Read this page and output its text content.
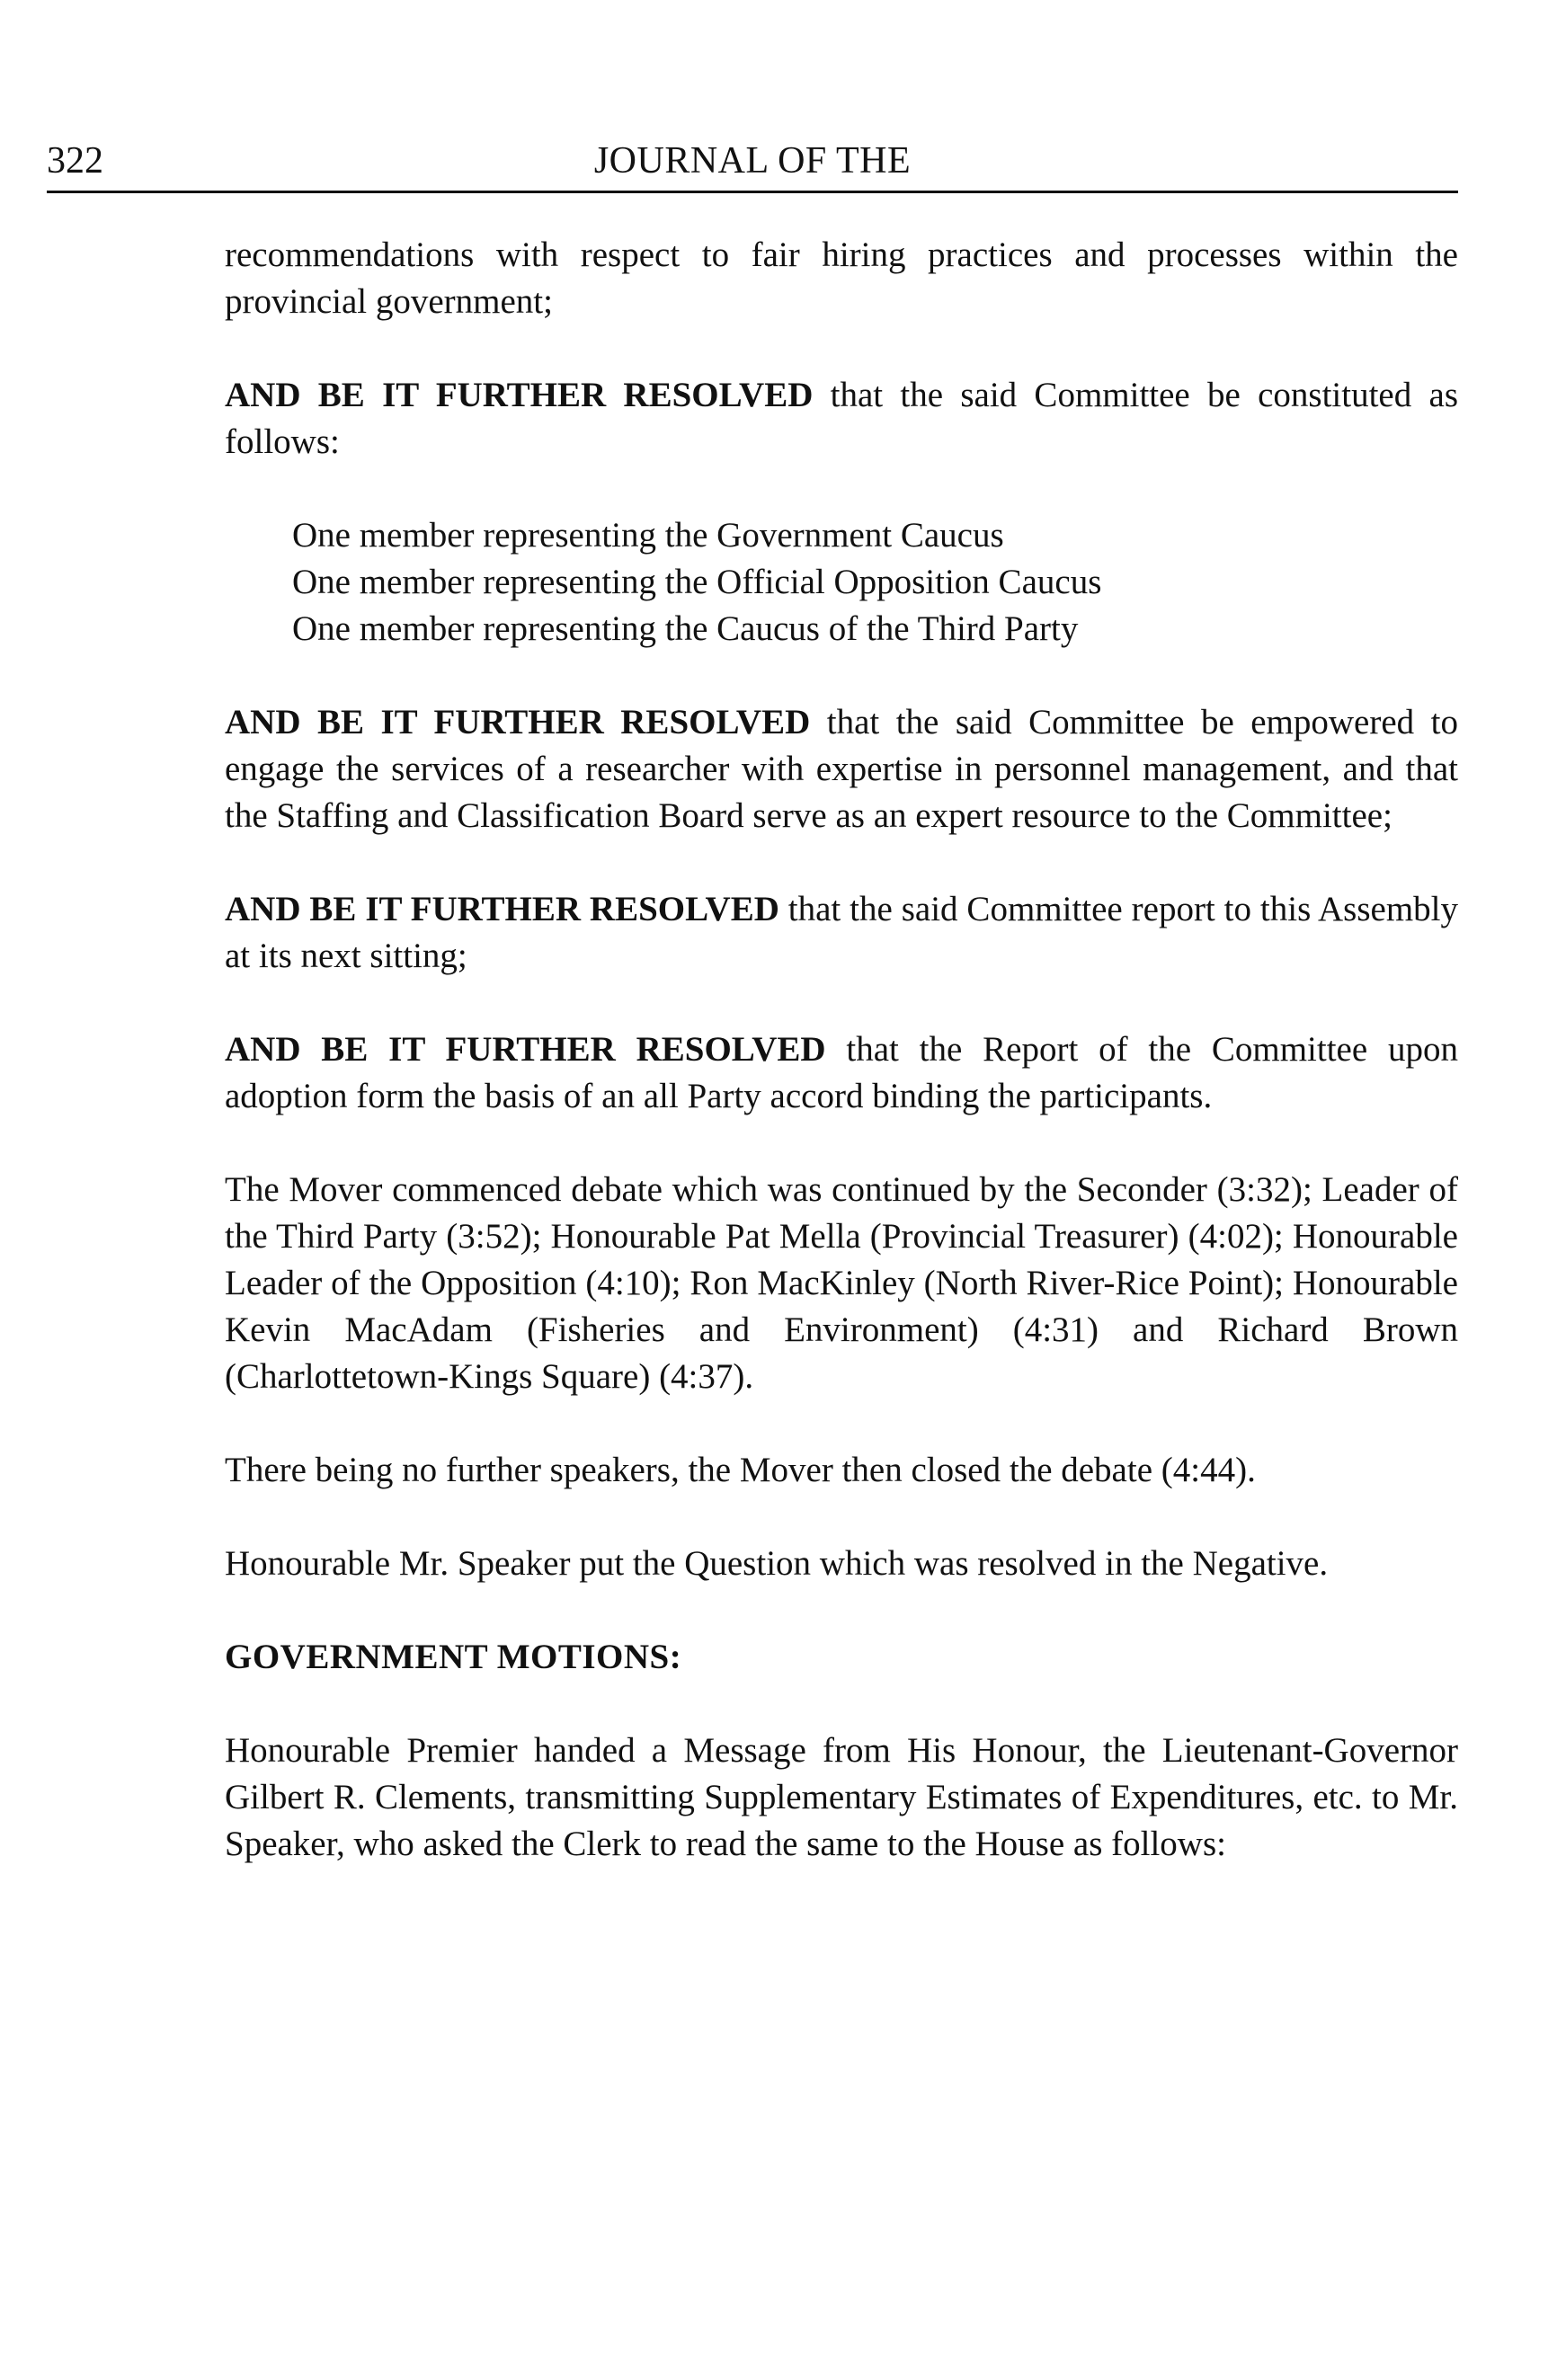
322	JOURNAL OF THE

recommendations with respect to fair hiring practices and processes within the provincial government;

AND BE IT FURTHER RESOLVED that the said Committee be constituted as follows:

One member representing the Government Caucus
One member representing the Official Opposition Caucus
One member representing the Caucus of the Third Party

AND BE IT FURTHER RESOLVED that the said Committee be empowered to engage the services of a researcher with expertise in personnel management, and that the Staffing and Classification Board serve as an expert resource to the Committee;

AND BE IT FURTHER RESOLVED that the said Committee report to this Assembly at its next sitting;

AND BE IT FURTHER RESOLVED that the Report of the Committee upon adoption form the basis of an all Party accord binding the participants.

The Mover commenced debate which was continued by the Seconder (3:32); Leader of the Third Party (3:52); Honourable Pat Mella (Provincial Treasurer) (4:02); Honourable Leader of the Opposition (4:10); Ron MacKinley (North River-Rice Point); Honourable Kevin MacAdam (Fisheries and Environment) (4:31) and Richard Brown (Charlottetown-Kings Square) (4:37).

There being no further speakers, the Mover then closed the debate (4:44).

Honourable Mr. Speaker put the Question which was resolved in the Negative.

GOVERNMENT MOTIONS:

Honourable Premier handed a Message from His Honour, the Lieutenant-Governor Gilbert R. Clements, transmitting Supplementary Estimates of Expenditures, etc. to Mr. Speaker, who asked the Clerk to read the same to the House as follows:
